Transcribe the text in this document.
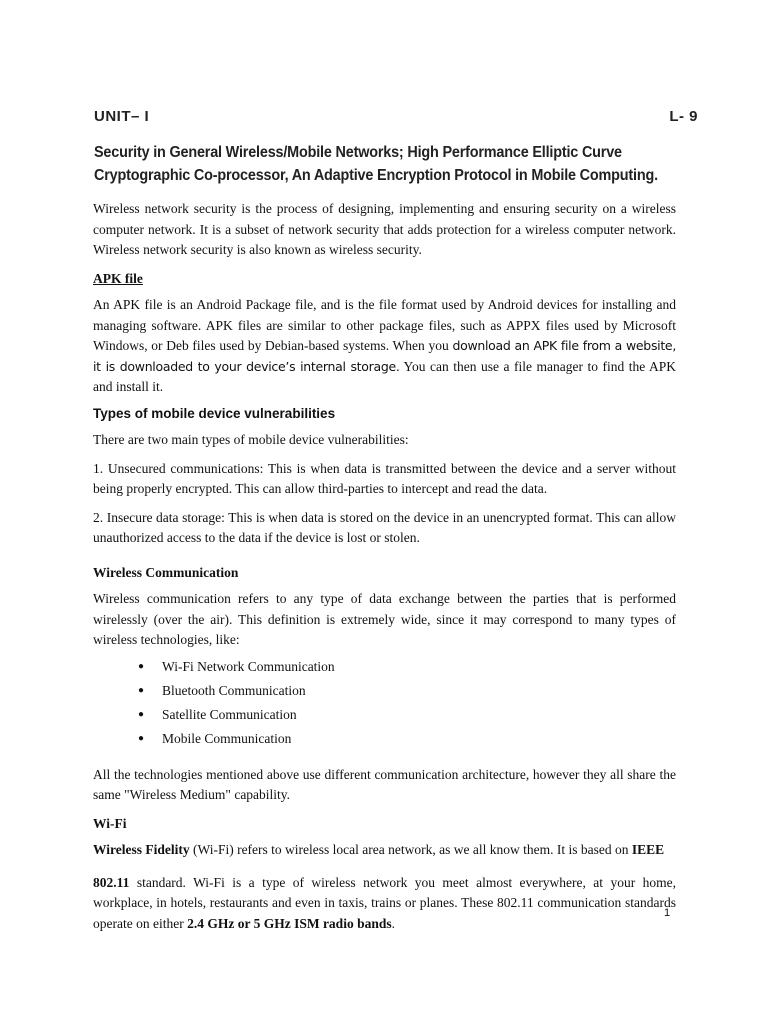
UNIT– I	L- 9
Security in General Wireless/Mobile Networks; High Performance Elliptic Curve Cryptographic Co-processor, An Adaptive Encryption Protocol in Mobile Computing.

Wireless network security is the process of designing, implementing and ensuring security on a wireless computer network. It is a subset of network security that adds protection for a wireless computer network. Wireless network security is also known as wireless security.

APK file

An APK file is an Android Package file, and is the file format used by Android devices for installing and managing software. APK files are similar to other package files, such as APPX files used by Microsoft Windows, or Deb files used by Debian-based systems. When you download an APK file from a website, it is downloaded to your device’s internal storage. You can then use a file manager to find the APK and install it.

Types of mobile device vulnerabilities

There are two main types of mobile device vulnerabilities:

1. Unsecured communications: This is when data is transmitted between the device and a server without being properly encrypted. This can allow third-parties to intercept and read the data.

2. Insecure data storage: This is when data is stored on the device in an unencrypted format. This can allow unauthorized access to the data if the device is lost or stolen.

Wireless Communication

Wireless communication refers to any type of data exchange between the parties that is performed wirelessly (over the air). This definition is extremely wide, since it may correspond to many types of wireless technologies, like:

● Wi-Fi Network Communication
● Bluetooth Communication
● Satellite Communication
● Mobile Communication

All the technologies mentioned above use different communication architecture, however they all share the same "Wireless Medium" capability.

Wi-Fi

Wireless Fidelity (Wi-Fi) refers to wireless local area network, as we all know them. It is based on IEEE

802.11 standard. Wi-Fi is a type of wireless network you meet almost everywhere, at your home, workplace, in hotels, restaurants and even in taxis, trains or planes. These 802.11 communication standards operate on either 2.4 GHz or 5 GHz ISM radio bands.

1
